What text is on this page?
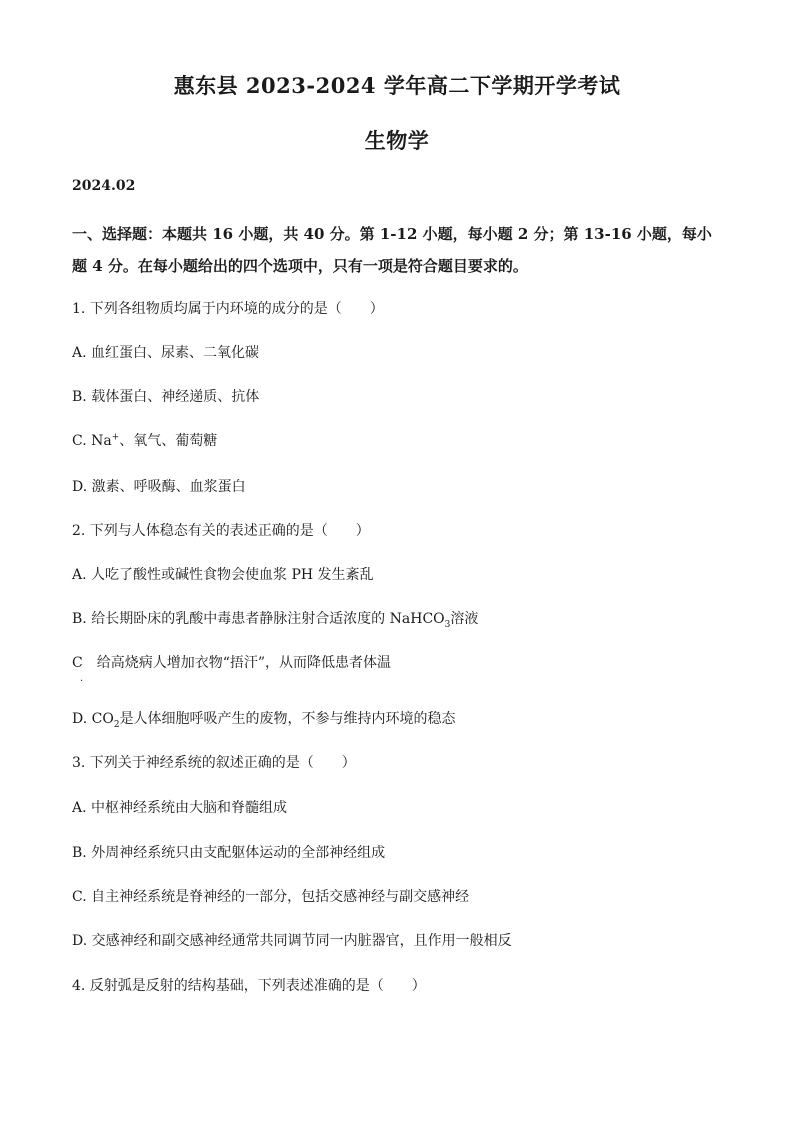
惠东县 2023-2024 学年高二下学期开学考试
生物学
2024.02
一、选择题：本题共 16 小题，共 40 分。第 1-12 小题，每小题 2 分；第 13-16 小题，每小题 4 分。在每小题给出的四个选项中，只有一项是符合题目要求的。
1. 下列各组物质均属于内环境的成分的是（　　）
A. 血红蛋白、尿素、二氧化碳
B. 载体蛋白、神经递质、抗体
C. Na+、氧气、葡萄糖
D. 激素、呼吸酶、血浆蛋白
2. 下列与人体稳态有关的表述正确的是（　　）
A. 人吃了酸性或碱性食物会使血浆 PH 发生紊乱
B. 给长期卧床的乳酸中毒患者静脉注射合适浓度的 NaHCO$_3$溶液
C　给高烧病人增加衣物“捂汗”，从而降低患者体温
·
D. $CO_2$是人体细胞呼吸产生的废物，不参与维持内环境的稳态
3. 下列关于神经系统的叙述正确的是（　　）
A. 中枢神经系统由大脑和脊髓组成
B. 外周神经系统只由支配躯体运动的全部神经组成
C. 自主神经系统是脊神经的一部分，包括交感神经与副交感神经
D. 交感神经和副交感神经通常共同调节同一内脏器官，且作用一般相反
4. 反射弧是反射的结构基础，下列表述准确的是（　　）
